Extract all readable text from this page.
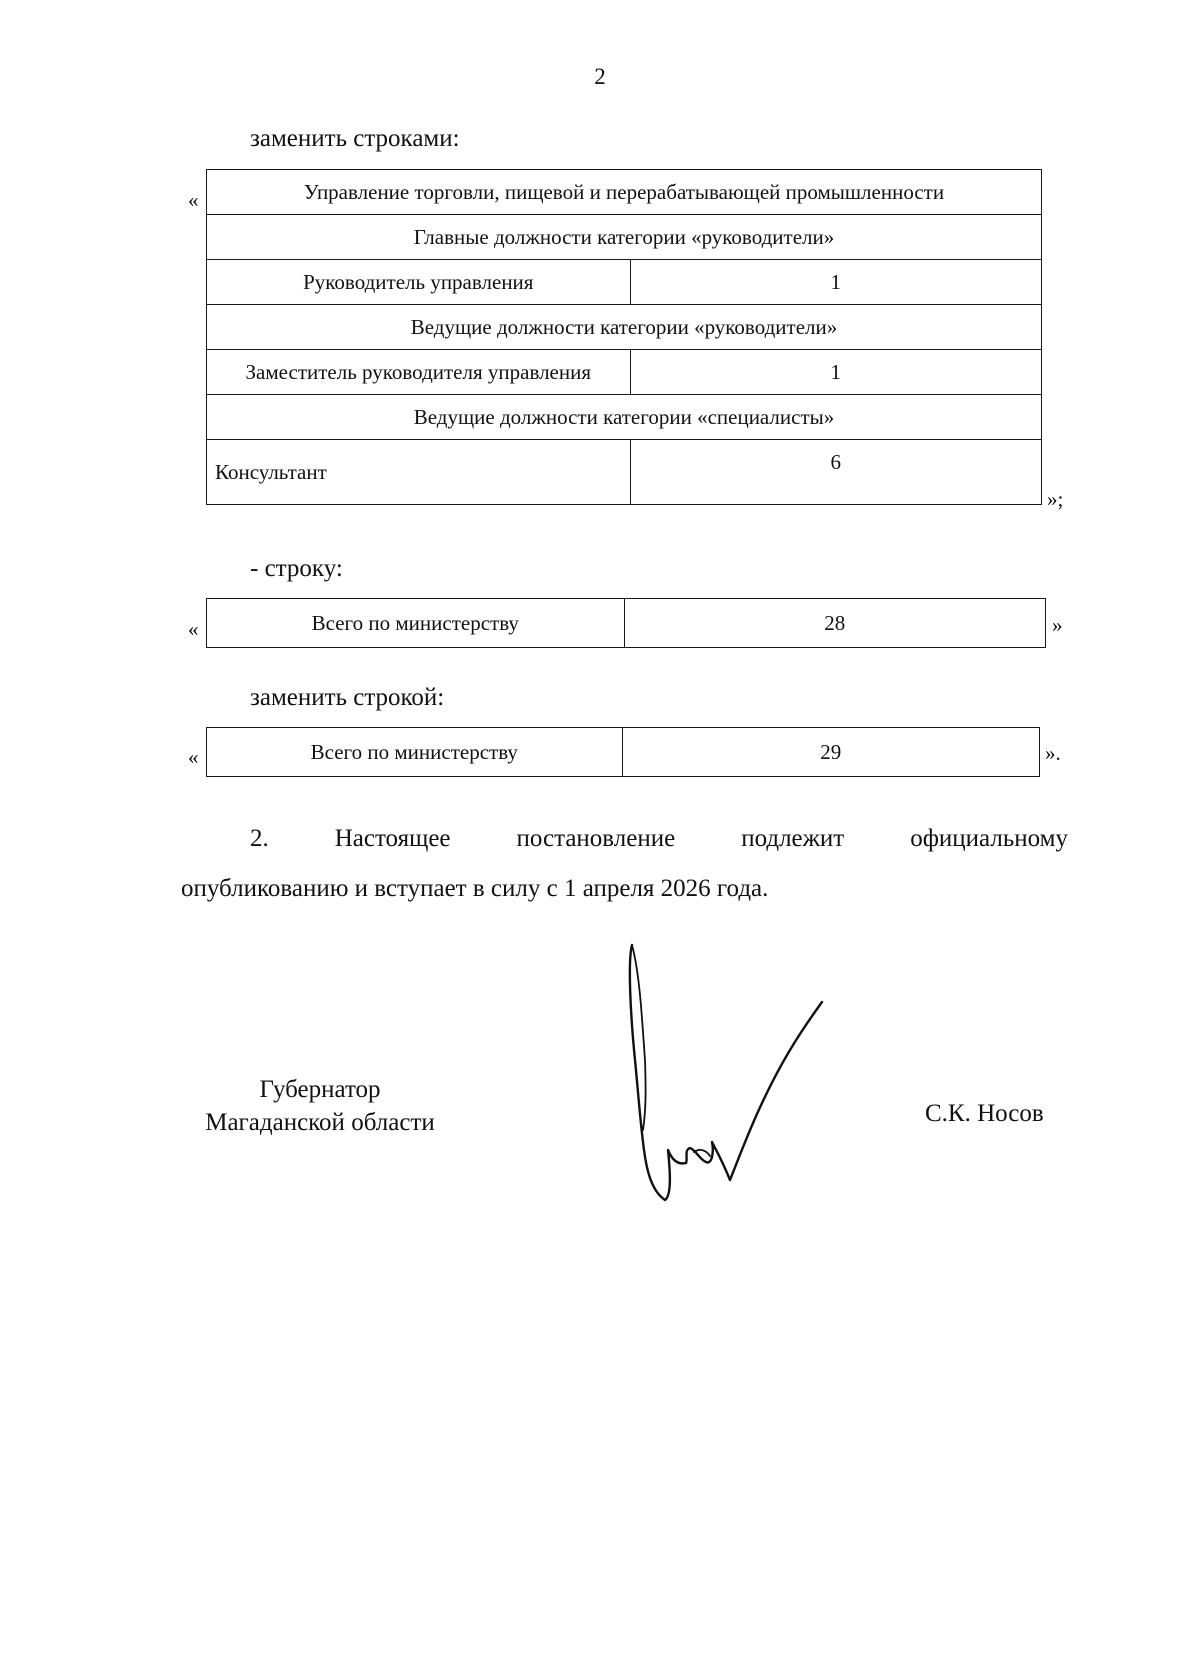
2
заменить строками:
«	Управление торговли, пищевой и перерабатывающей промышленности	
Главные должности категории «руководители»	
Руководитель управления	1
Ведущие должности категории «руководители»	
Заместитель руководителя управления	1
Ведущие должности категории «специалисты»	
Консультант	6
»;
- строку:
«	Всего по министерству	28	»
заменить строкой:
«	Всего по министерству	29	».
2.	Настоящее	постановление	подлежит	официальному
опубликованию и вступает в силу с 1 апреля 2026 года.
Губернатор
Магаданской области	С.К. Носов
